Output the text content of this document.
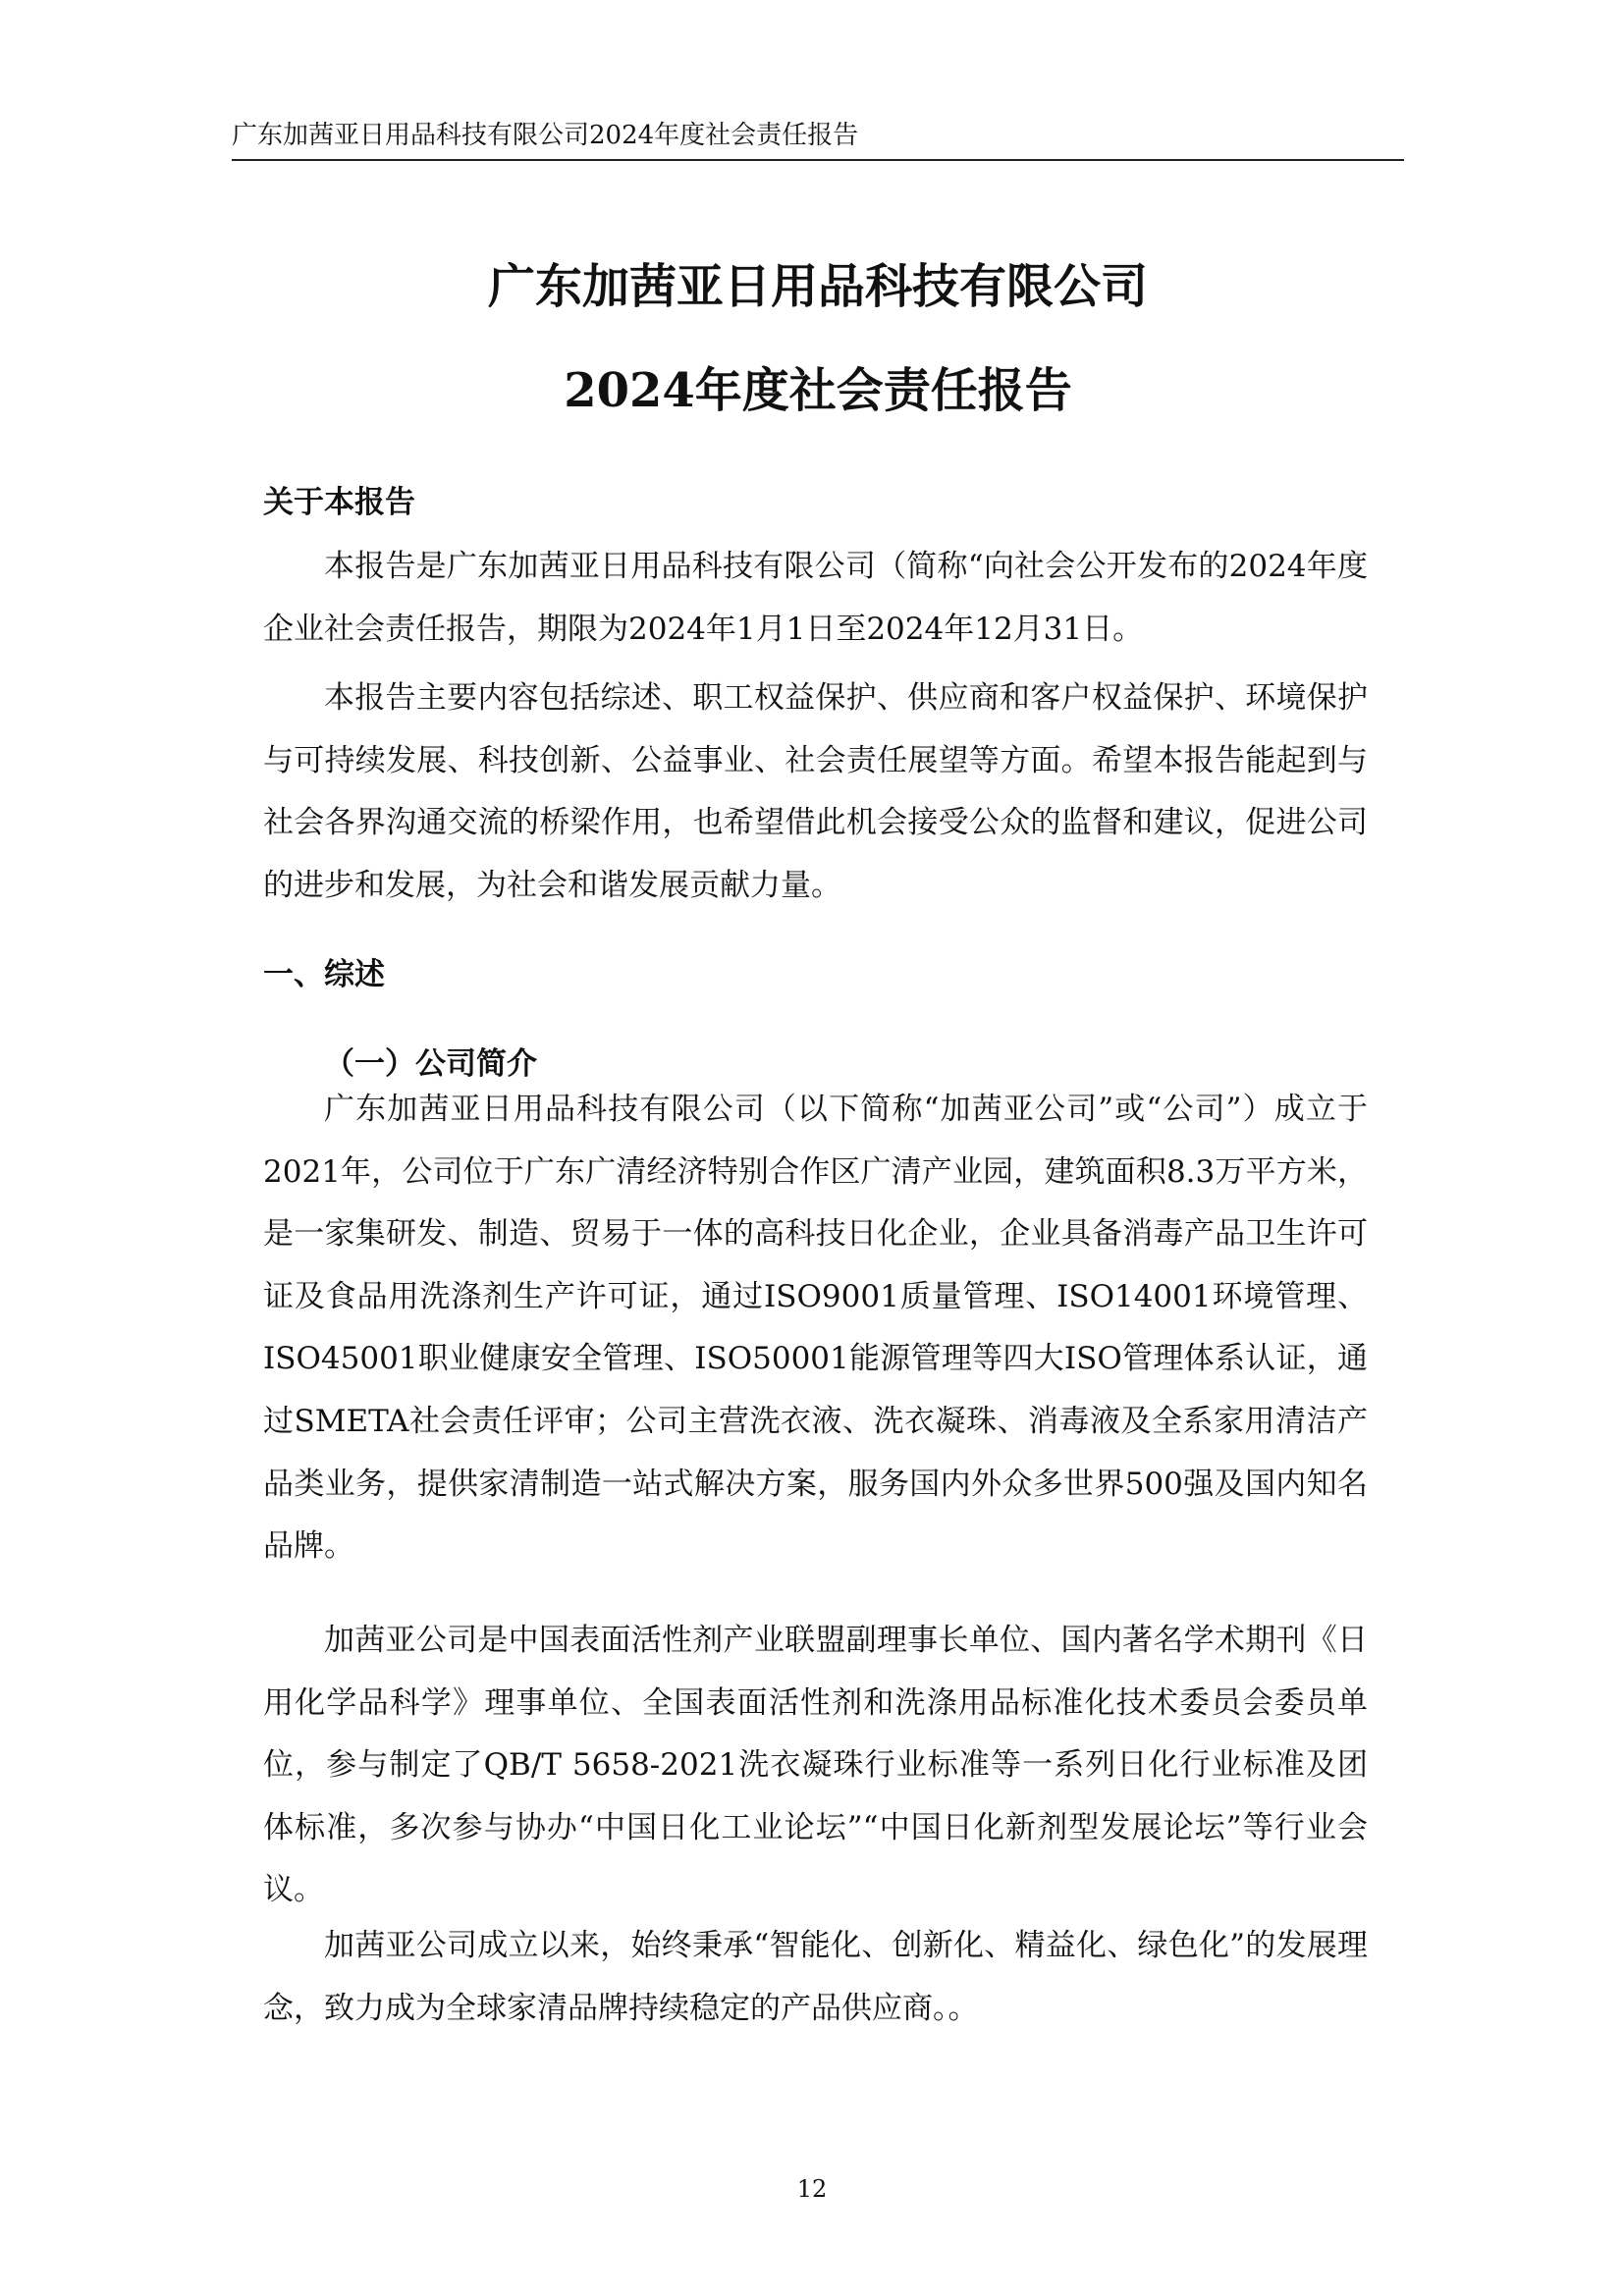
广东加茜亚日用品科技有限公司2024年度社会责任报告
广东加茜亚日用品科技有限公司
2024年度社会责任报告
关于本报告

本报告是广东加茜亚日用品科技有限公司（简称“向社会公开发布的2024年度企业社会责任报告，期限为2024年1月1日至2024年12月31日。

本报告主要内容包括综述、职工权益保护、供应商和客户权益保护、环境保护与可持续发展、科技创新、公益事业、社会责任展望等方面。希望本报告能起到与社会各界沟通交流的桥梁作用，也希望借此机会接受公众的监督和建议，促进公司的进步和发展，为社会和谐发展贡献力量。

一、综述
（一）公司简介

广东加茜亚日用品科技有限公司（以下简称“加茜亚公司”或“公司”）成立于2021年，公司位于广东广清经济特别合作区广清产业园，建筑面积8.3万平方米，是一家集研发、制造、贸易于一体的高科技日化企业，企业具备消毒产品卫生许可证及食品用洗涤剂生产许可证，通过ISO9001质量管理、ISO14001环境管理、ISO45001职业健康安全管理、ISO50001能源管理等四大ISO管理体系认证，通过SMETA社会责任评审；公司主营洗衣液、洗衣凝珠、消毒液及全系家用清洁产品类业务，提供家清制造一站式解决方案，服务国内外众多世界500强及国内知名品牌。

加茜亚公司是中国表面活性剂产业联盟副理事长单位、国内著名学术期刊《日用化学品科学》理事单位、全国表面活性剂和洗涤用品标准化技术委员会委员单位，参与制定了QB/T 5658-2021洗衣凝珠行业标准等一系列日化行业标准及团体标准，多次参与协办“中国日化工业论坛”“中国日化新剂型发展论坛”等行业会议。

加茜亚公司成立以来，始终秉承“智能化、创新化、精益化、绿色化”的发展理念，致力成为全球家清品牌持续稳定的产品供应商。。

12
